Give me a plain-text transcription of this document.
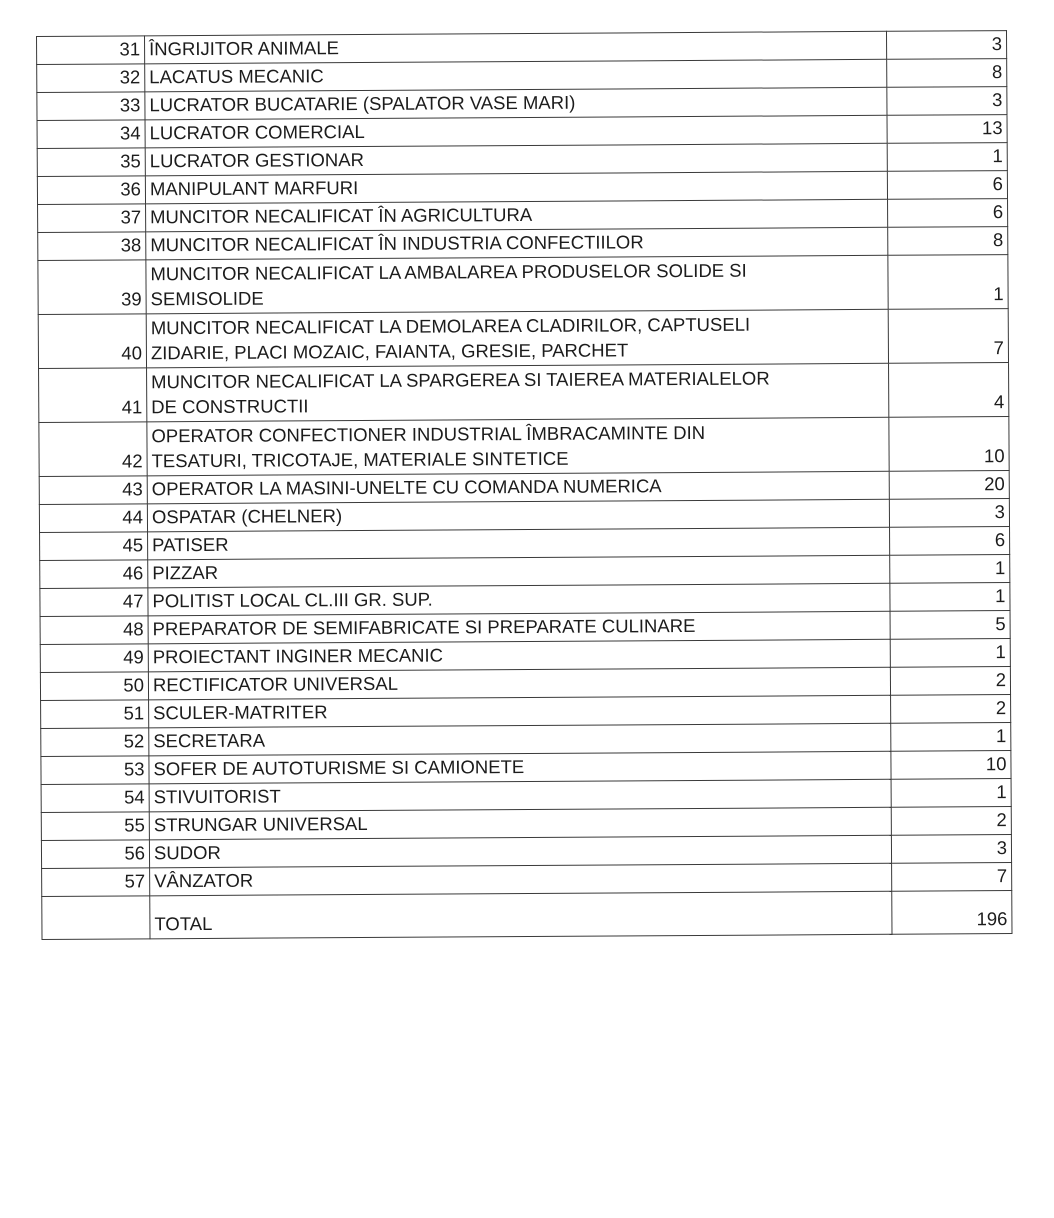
31	ÎNGRIJITOR ANIMALE	3
32	LACATUS MECANIC	8
33	LUCRATOR BUCATARIE (SPALATOR VASE MARI)	3
34	LUCRATOR COMERCIAL	13
35	LUCRATOR GESTIONAR	1
36	MANIPULANT MARFURI	6
37	MUNCITOR NECALIFICAT ÎN AGRICULTURA	6
38	MUNCITOR NECALIFICAT ÎN INDUSTRIA CONFECTIILOR	8
39	MUNCITOR NECALIFICAT LA AMBALAREA PRODUSELOR SOLIDE SI
SEMISOLIDE	1
40	MUNCITOR NECALIFICAT LA DEMOLAREA CLADIRILOR, CAPTUSELI
ZIDARIE, PLACI MOZAIC, FAIANTA, GRESIE, PARCHET	7
41	MUNCITOR NECALIFICAT LA SPARGEREA SI TAIEREA MATERIALELOR
DE CONSTRUCTII	4
42	OPERATOR CONFECTIONER INDUSTRIAL ÎMBRACAMINTE DIN
TESATURI, TRICOTAJE, MATERIALE SINTETICE	10
43	OPERATOR LA MASINI-UNELTE CU COMANDA NUMERICA	20
44	OSPATAR (CHELNER)	3
45	PATISER	6
46	PIZZAR	1
47	POLITIST LOCAL CL.III GR. SUP.	1
48	PREPARATOR DE SEMIFABRICATE SI PREPARATE CULINARE	5
49	PROIECTANT INGINER MECANIC	1
50	RECTIFICATOR UNIVERSAL	2
51	SCULER-MATRITER	2
52	SECRETARA	1
53	SOFER DE AUTOTURISME SI CAMIONETE	10
54	STIVUITORIST	1
55	STRUNGAR UNIVERSAL	2
56	SUDOR	3
57	VÂNZATOR	7
	TOTAL	196
